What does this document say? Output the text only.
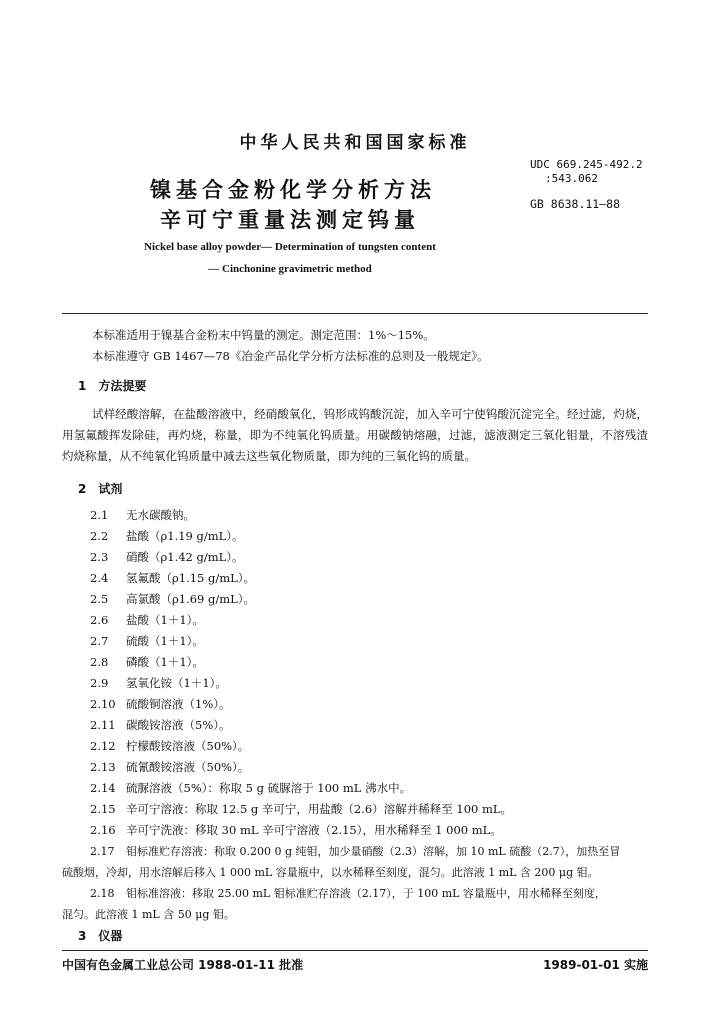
中华人民共和国国家标准
UDC 669.245-492.2
:543.062
GB 8638.11—88
镍基合金粉化学分析方法
辛可宁重量法测定钨量
Nickel base alloy powder— Determination of tungsten content
— Cinchonine gravimetric method
本标准适用于镍基合金粉末中钨量的测定。测定范围：1%～15%。
本标准遵守 GB 1467—78《冶金产品化学分析方法标准的总则及一般规定》。
1　方法提要
试样经酸溶解，在盐酸溶液中，经硝酸氧化，钨形成钨酸沉淀，加入辛可宁使钨酸沉淀完全。经过滤，灼烧，用氢氟酸挥发除硅，再灼烧，称量，即为不纯氧化钨质量。用碳酸钠熔融，过滤，滤液测定三氧化钼量，不溶残渣灼烧称量，从不纯氧化钨质量中减去这些氧化物质量，即为纯的三氧化钨的质量。
2　试剂
2.1 无水碳酸钠。
2.2 盐酸（ρ1.19 g/mL）。
2.3 硝酸（ρ1.42 g/mL）。
2.4 氢氟酸（ρ1.15 g/mL）。
2.5 高氯酸（ρ1.69 g/mL）。
2.6 盐酸（1＋1）。
2.7 硫酸（1＋1）。
2.8 磷酸（1＋1）。
2.9 氢氧化铵（1＋1）。
2.10 硫酸铜溶液（1%）。
2.11 碳酸铵溶液（5%）。
2.12 柠檬酸铵溶液（50%）。
2.13 硫氰酸铵溶液（50%）。
2.14 硫脲溶液（5%）：称取 5 g 硫脲溶于 100 mL 沸水中。
2.15 辛可宁溶液：称取 12.5 g 辛可宁，用盐酸（2.6）溶解并稀释至 100 mL。
2.16 辛可宁洗液：移取 30 mL 辛可宁溶液（2.15），用水稀释至 1 000 mL。
2.17 钼标准贮存溶液：称取 0.200 0 g 纯钼，加少量硝酸（2.3）溶解，加 10 mL 硫酸（2.7），加热至冒
硫酸烟，冷却，用水溶解后移入 1 000 mL 容量瓶中，以水稀释至刻度，混匀。此溶液 1 mL 含 200 μg 钼。
2.18 钼标准溶液：移取 25.00 mL 钼标准贮存溶液（2.17），于 100 mL 容量瓶中，用水稀释至刻度，
混匀。此溶液 1 mL 含 50 μg 钼。
3　仪器
中国有色金属工业总公司 1988-01-11 批准	1989-01-01 实施
